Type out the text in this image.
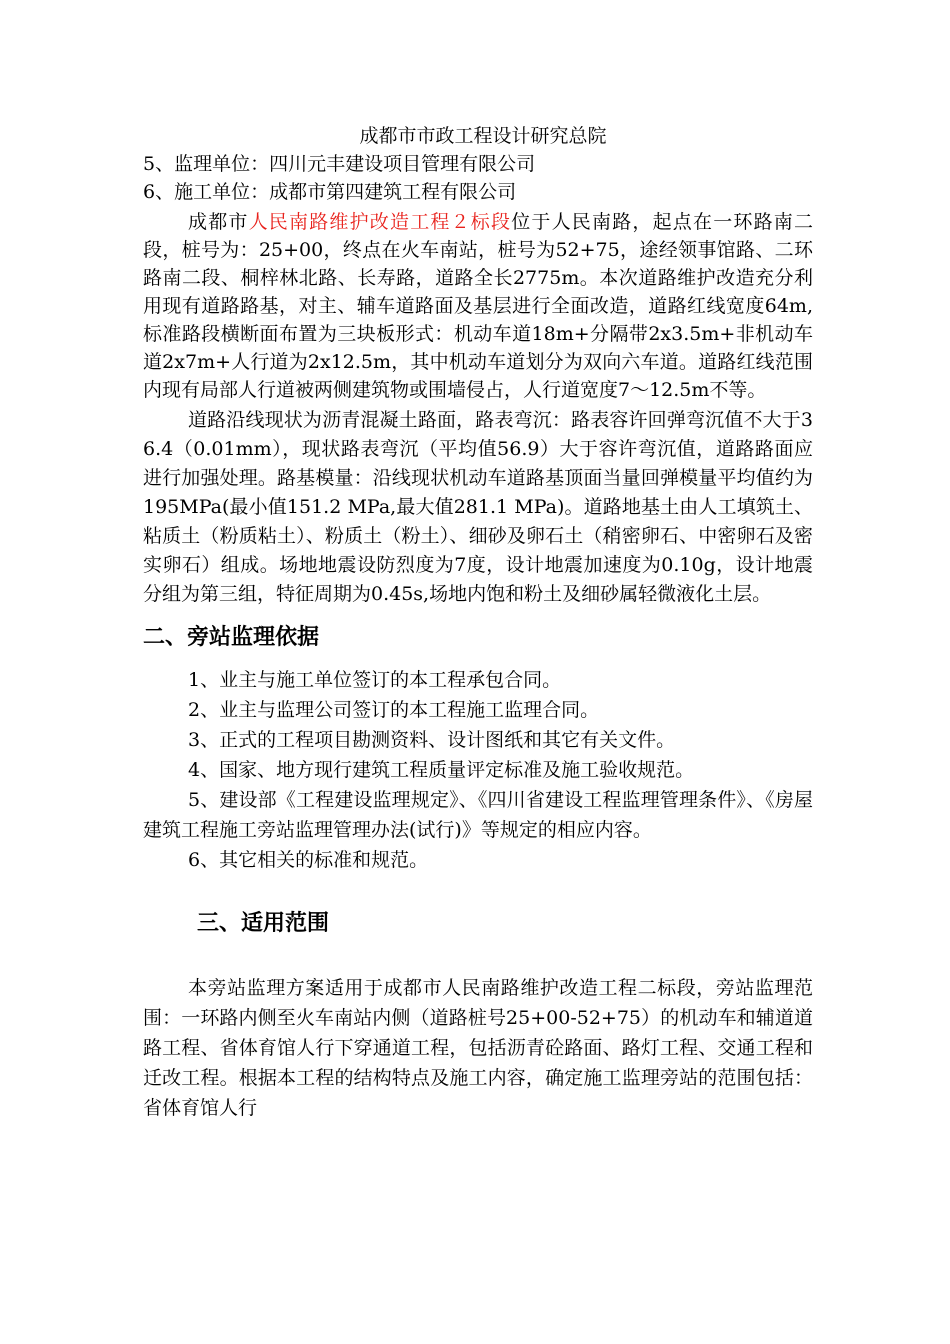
成都市市政工程设计研究总院
5、监理单位：四川元丰建设项目管理有限公司
6、施工单位：成都市第四建筑工程有限公司
成都市人民南路维护改造工程２标段位于人民南路，起点在一环路南二段，桩号为：25+00，终点在火车南站，桩号为52+75，途经领事馆路、二环路南二段、桐梓林北路、长寿路，道路全长2775m。本次道路维护改造充分利用现有道路路基，对主、辅车道路面及基层进行全面改造，道路红线宽度64m,标准路段横断面布置为三块板形式：机动车道18m+分隔带2x3.5m+非机动车道2x7m+人行道为2x12.5m，其中机动车道划分为双向六车道。道路红线范围内现有局部人行道被两侧建筑物或围墙侵占，人行道宽度7～12.5m不等。
道路沿线现状为沥青混凝土路面，路表弯沉：路表容许回弹弯沉值不大于36.4（0.01mm），现状路表弯沉（平均值56.9）大于容许弯沉值，道路路面应进行加强处理。路基模量：沿线现状机动车道路基顶面当量回弹模量平均值约为195MPa(最小值151.2 MPa,最大值281.1 MPa)。道路地基土由人工填筑土、粘质土（粉质粘土）、粉质土（粉土）、细砂及卵石土（稍密卵石、中密卵石及密实卵石）组成。场地地震设防烈度为7度，设计地震加速度为0.10g，设计地震分组为第三组，特征周期为0.45s,场地内饱和粉土及细砂属轻微液化土层。
二、旁站监理依据
1、业主与施工单位签订的本工程承包合同。
2、业主与监理公司签订的本工程施工监理合同。
3、正式的工程项目勘测资料、设计图纸和其它有关文件。
4、国家、地方现行建筑工程质量评定标准及施工验收规范。
5、建设部《工程建设监理规定》、《四川省建设工程监理管理条件》、《房屋建筑工程施工旁站监理管理办法(试行)》等规定的相应内容。
6、其它相关的标准和规范。
三、适用范围
本旁站监理方案适用于成都市人民南路维护改造工程二标段，旁站监理范围：一环路内侧至火车南站内侧（道路桩号25+00-52+75）的机动车和辅道道路工程、省体育馆人行下穿通道工程，包括沥青砼路面、路灯工程、交通工程和迁改工程。根据本工程的结构特点及施工内容，确定施工监理旁站的范围包括：省体育馆人行
